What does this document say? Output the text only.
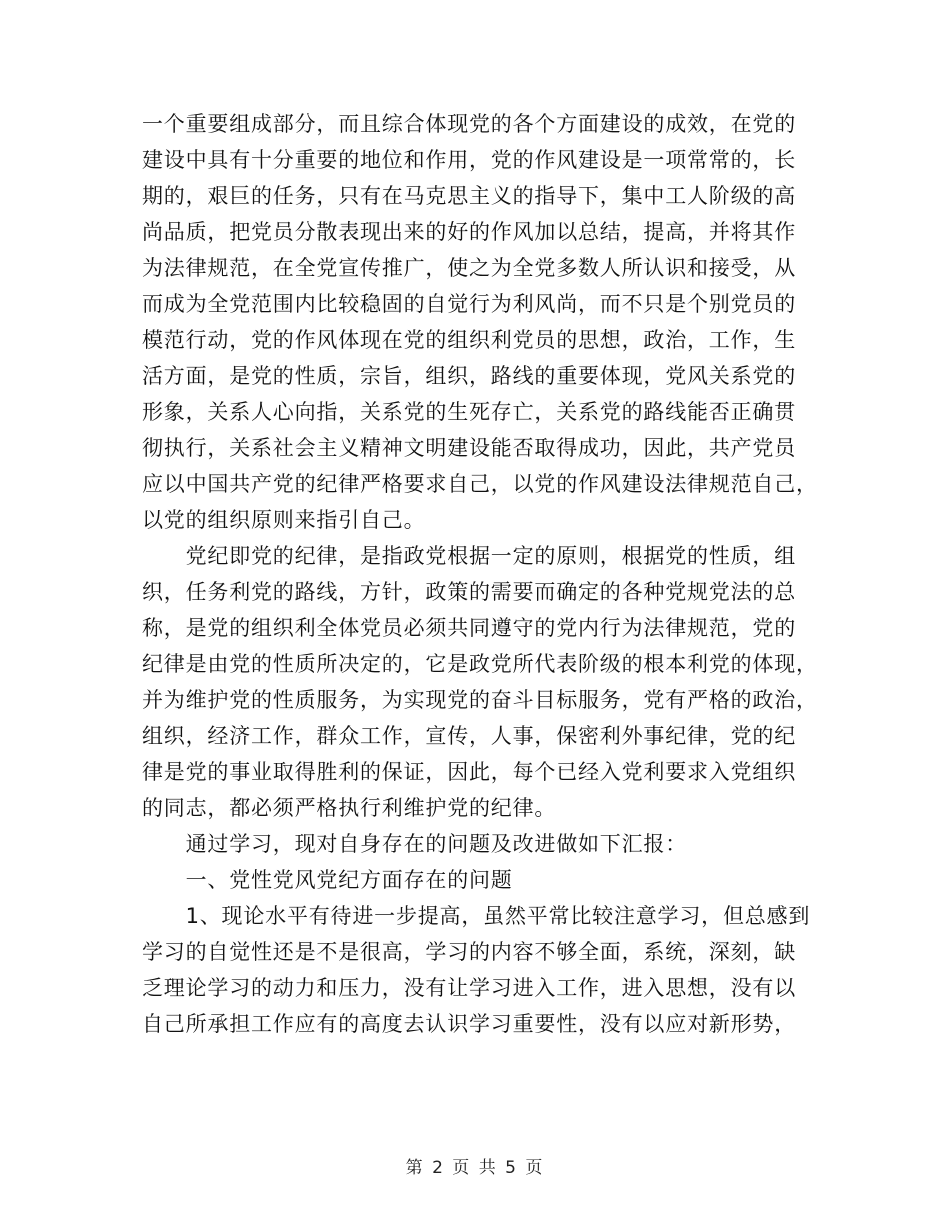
一个重要组成部分，而且综合体现党的各个方面建设的成效，在党的
建设中具有十分重要的地位和作用，党的作风建设是一项常常的，长
期的，艰巨的任务，只有在马克思主义的指导下，集中工人阶级的高
尚品质，把党员分散表现出来的好的作风加以总结，提高，并将其作
为法律规范，在全党宣传推广，使之为全党多数人所认识和接受，从
而成为全党范围内比较稳固的自觉行为利风尚，而不只是个别党员的
模范行动，党的作风体现在党的组织利党员的思想，政治，工作，生
活方面，是党的性质，宗旨，组织，路线的重要体现，党风关系党的
形象，关系人心向指，关系党的生死存亡，关系党的路线能否正确贯
彻执行，关系社会主义精神文明建设能否取得成功，因此，共产党员
应以中国共产党的纪律严格要求自己，以党的作风建设法律规范自己，
以党的组织原则来指引自己。
　　党纪即党的纪律，是指政党根据一定的原则，根据党的性质，组
织，任务利党的路线，方针，政策的需要而确定的各种党规党法的总
称，是党的组织利全体党员必须共同遵守的党内行为法律规范，党的
纪律是由党的性质所决定的，它是政党所代表阶级的根本利党的体现，
并为维护党的性质服务，为实现党的奋斗目标服务，党有严格的政治，
组织，经济工作，群众工作，宣传，人事，保密利外事纪律，党的纪
律是党的事业取得胜利的保证，因此，每个已经入党利要求入党组织
的同志，都必须严格执行利维护党的纪律。
　　通过学习，现对自身存在的问题及改进做如下汇报：
　　一、党性党风党纪方面存在的问题
　　1、现论水平有待进一步提高，虽然平常比较注意学习，但总感到
学习的自觉性还是不是很高，学习的内容不够全面，系统，深刻，缺
乏理论学习的动力和压力，没有让学习进入工作，进入思想，没有以
自己所承担工作应有的高度去认识学习重要性，没有以应对新形势，
第 2 页 共 5 页
